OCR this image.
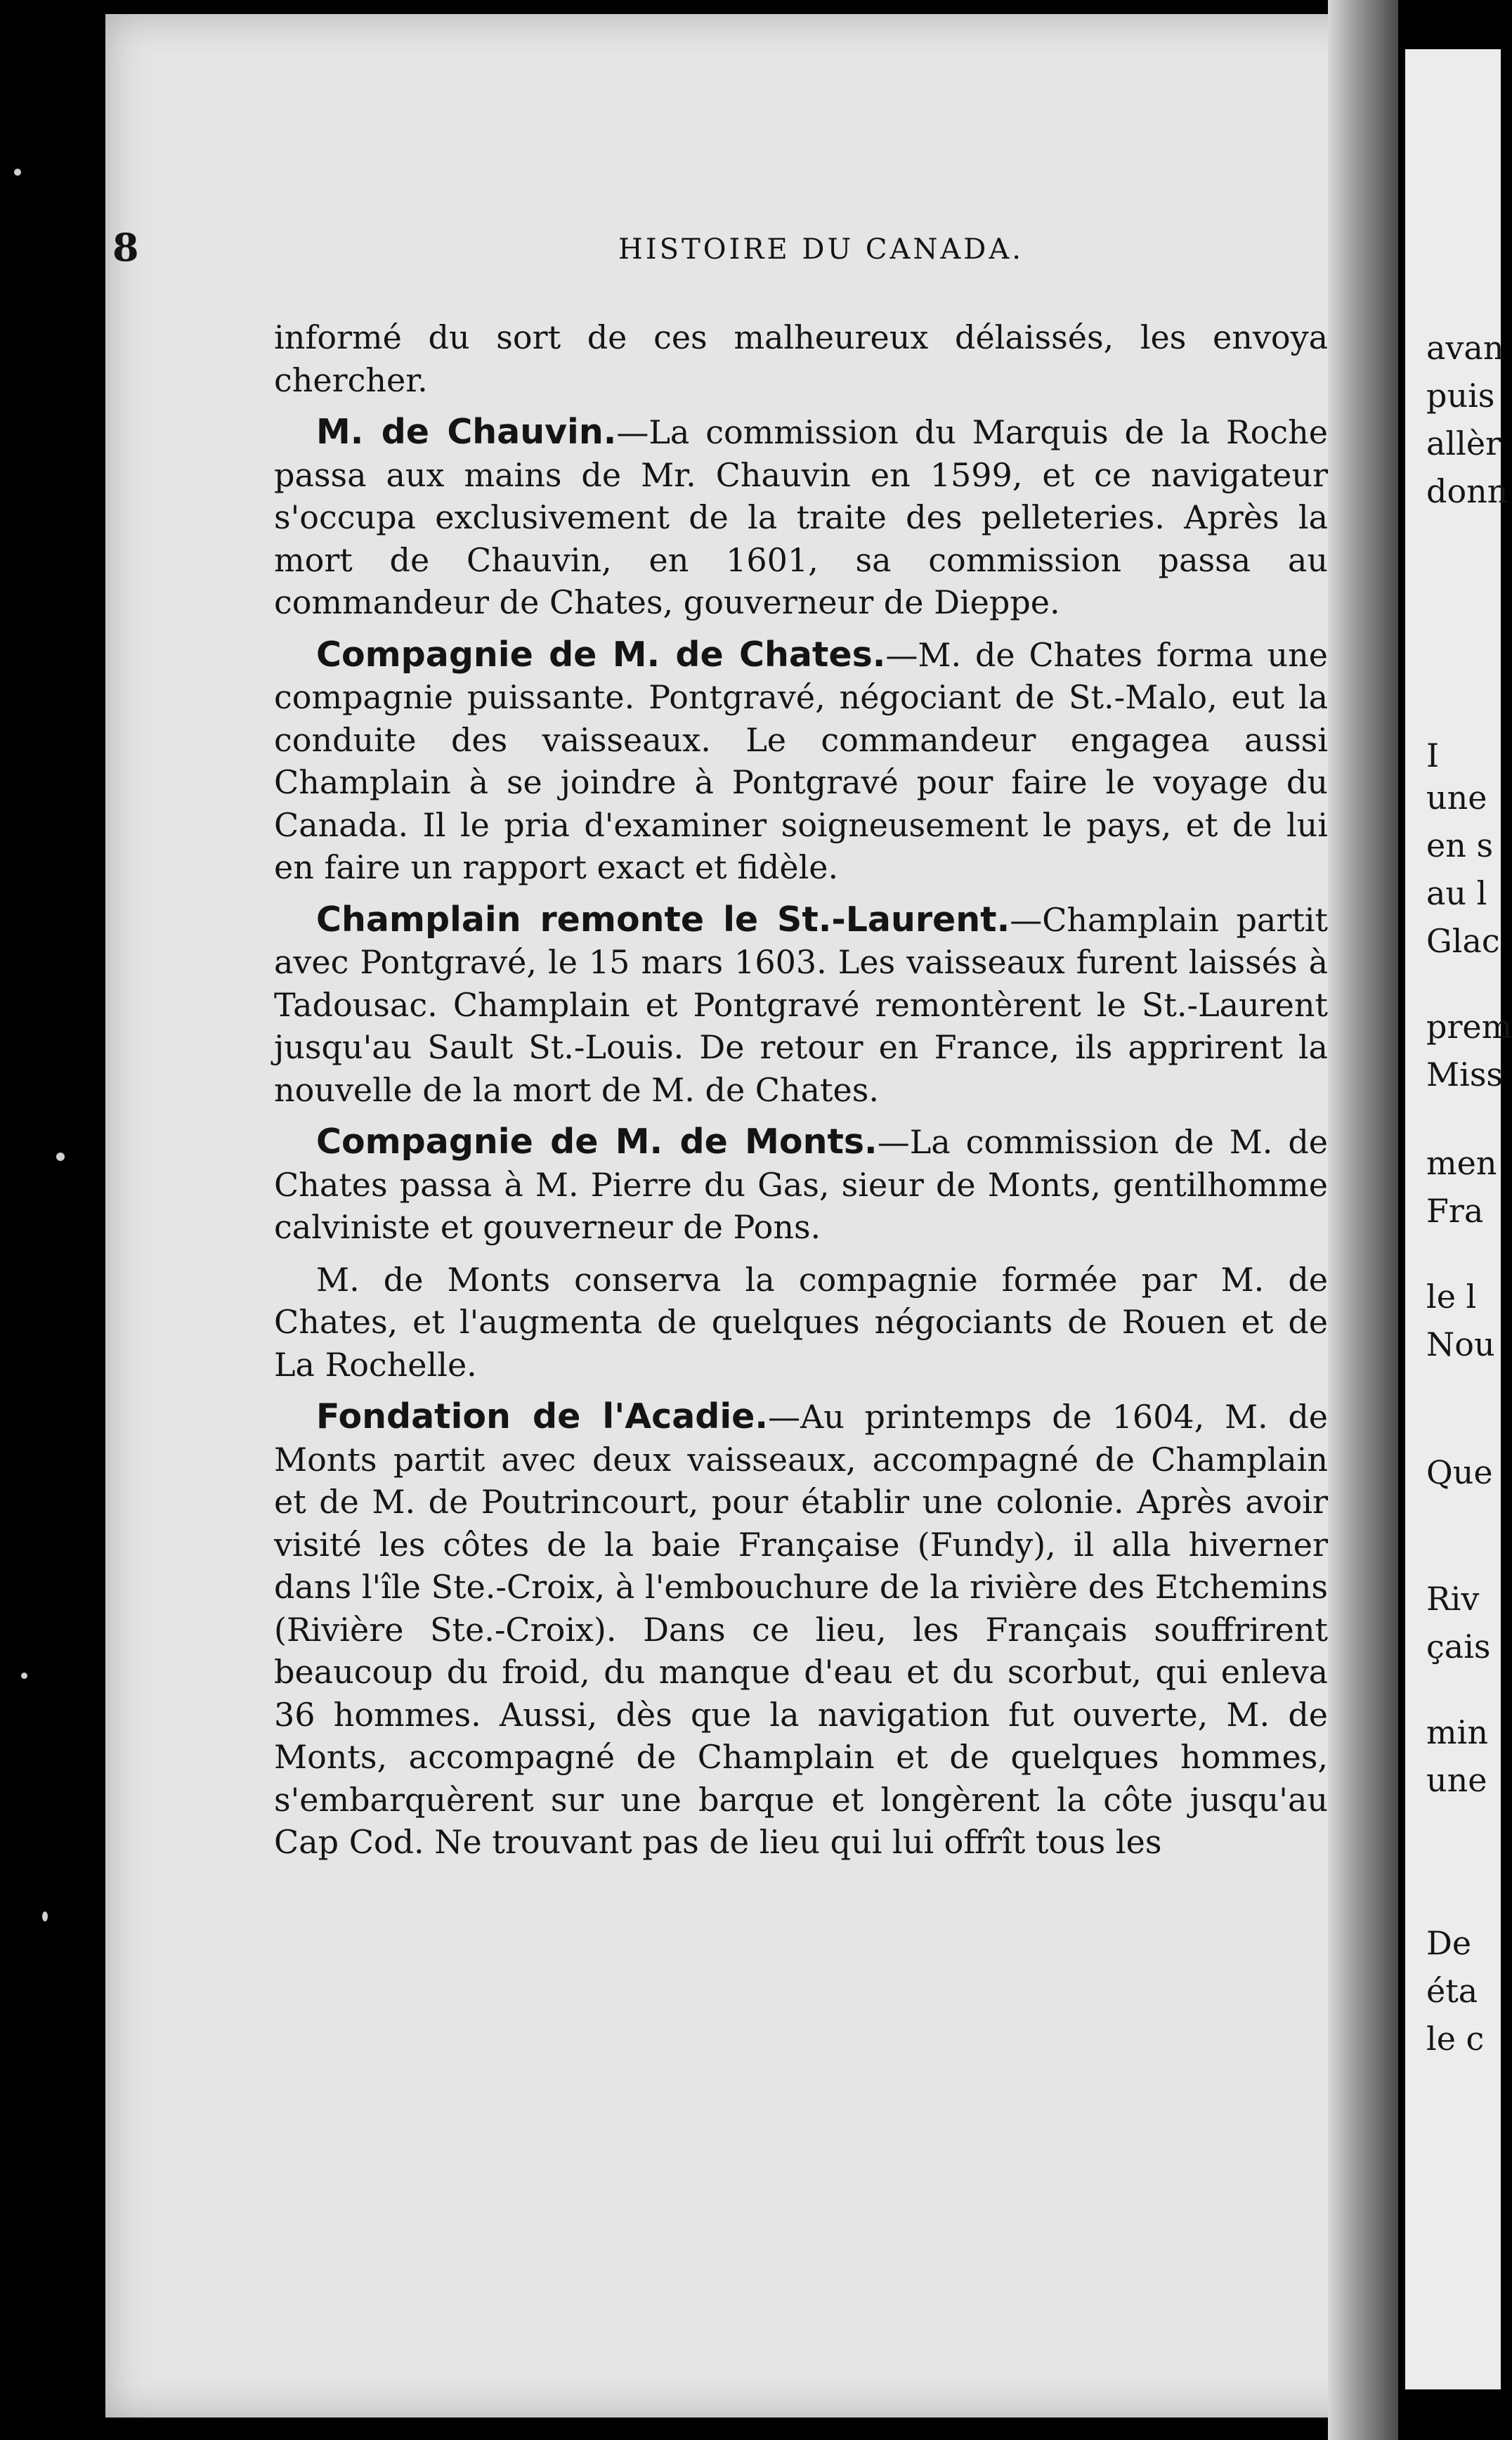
avan
puis
allèr
donn
I
une
en s
au l
Glac
prem
Miss
men
Fra
le l
Nou
Que
Riv
çais
min
une
De
éta
le c
8	HISTOIRE DU CANADA.

informé du sort de ces malheureux délaissés, les envoya chercher.

M. de Chauvin.—La commission du Marquis de la Roche passa aux mains de Mr. Chauvin en 1599, et ce navigateur s'occupa exclusivement de la traite des pelleteries. Après la mort de Chauvin, en 1601, sa commission passa au commandeur de Chates, gouverneur de Dieppe.

Compagnie de M. de Chates.—M. de Chates forma une compagnie puissante. Pontgravé, négociant de St.-Malo, eut la conduite des vaisseaux. Le commandeur engagea aussi Champlain à se joindre à Pontgravé pour faire le voyage du Canada. Il le pria d'examiner soigneusement le pays, et de lui en faire un rapport exact et fidèle.

Champlain remonte le St.-Laurent.—Champlain partit avec Pontgravé, le 15 mars 1603. Les vaisseaux furent laissés à Tadousac. Champlain et Pontgravé remontèrent le St.-Laurent jusqu'au Sault St.-Louis. De retour en France, ils apprirent la nouvelle de la mort de M. de Chates.

Compagnie de M. de Monts.—La commission de M. de Chates passa à M. Pierre du Gas, sieur de Monts, gentilhomme calviniste et gouverneur de Pons.

M. de Monts conserva la compagnie formée par M. de Chates, et l'augmenta de quelques négociants de Rouen et de La Rochelle.

Fondation de l'Acadie.—Au printemps de 1604, M. de Monts partit avec deux vaisseaux, accompagné de Champlain et de M. de Poutrincourt, pour établir une colonie. Après avoir visité les côtes de la baie Française (Fundy), il alla hiverner dans l'île Ste.-Croix, à l'embouchure de la rivière des Etchemins (Rivière Ste.-Croix). Dans ce lieu, les Français souffrirent beaucoup du froid, du manque d'eau et du scorbut, qui enleva 36 hommes. Aussi, dès que la navigation fut ouverte, M. de Monts, accompagné de Champlain et de quelques hommes, s'embarquèrent sur une barque et longèrent la côte jusqu'au Cap Cod. Ne trouvant pas de lieu qui lui offrît tous les
